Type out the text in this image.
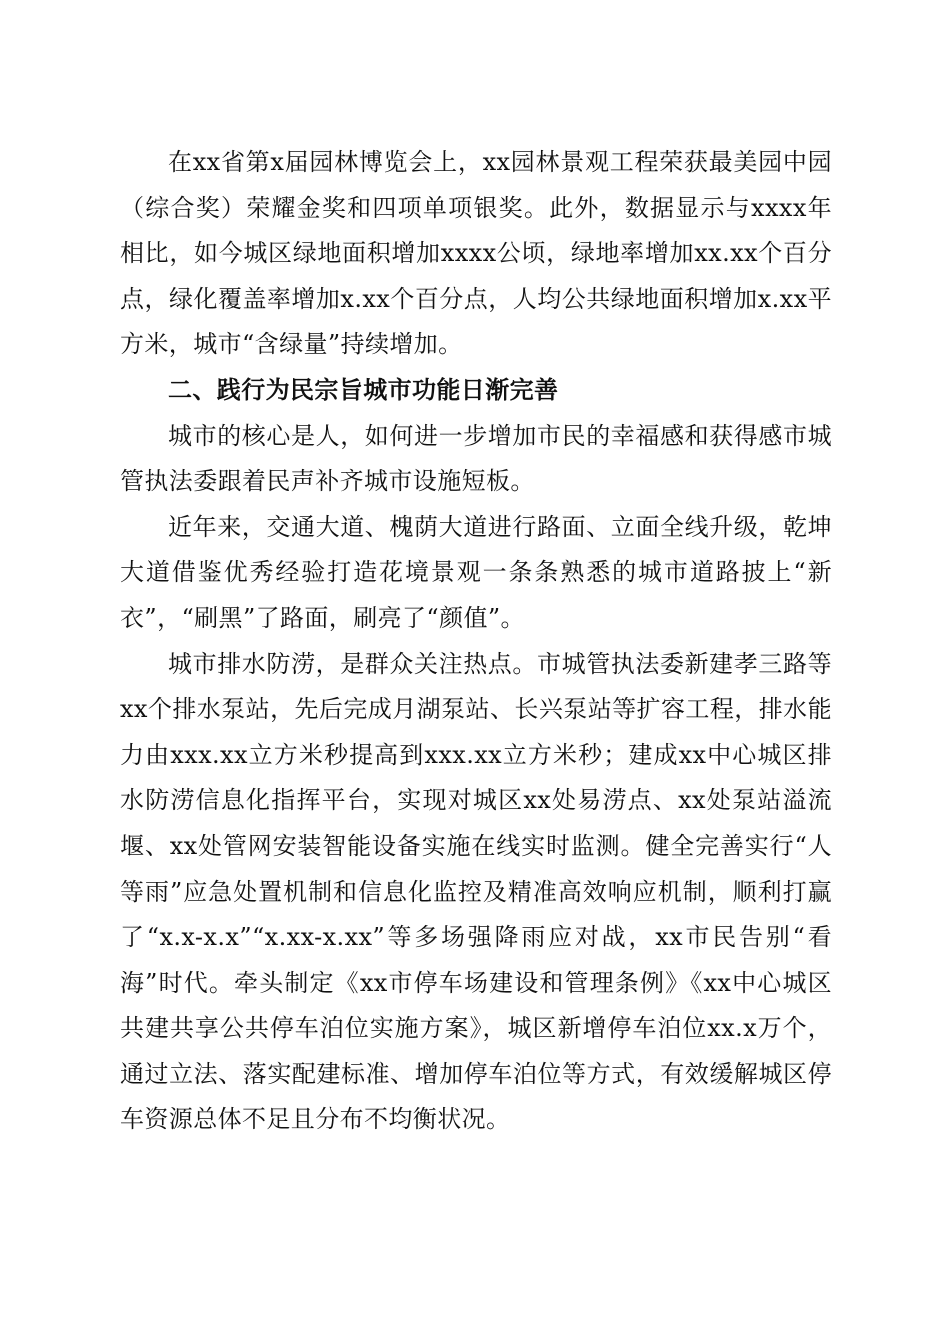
在xx省第x届园林博览会上，xx园林景观工程荣获最美园中园（综合奖）荣耀金奖和四项单项银奖。此外，数据显示与xxxx年相比，如今城区绿地面积增加xxxx公顷，绿地率增加xx.xx个百分点，绿化覆盖率增加x.xx个百分点，人均公共绿地面积增加x.xx平方米，城市“含绿量”持续增加。

二、践行为民宗旨城市功能日渐完善

城市的核心是人，如何进一步增加市民的幸福感和获得感市城管执法委跟着民声补齐城市设施短板。

近年来，交通大道、槐荫大道进行路面、立面全线升级，乾坤大道借鉴优秀经验打造花境景观一条条熟悉的城市道路披上“新衣”，“刷黑”了路面，刷亮了“颜值”。

城市排水防涝，是群众关注热点。市城管执法委新建孝三路等xx个排水泵站，先后完成月湖泵站、长兴泵站等扩容工程，排水能力由xxx.xx立方米秒提高到xxx.xx立方米秒；建成xx中心城区排水防涝信息化指挥平台，实现对城区xx处易涝点、xx处泵站溢流堰、xx处管网安装智能设备实施在线实时监测。健全完善实行“人等雨”应急处置机制和信息化监控及精准高效响应机制，顺利打赢了“x.x-x.x”“x.xx-x.xx”等多场强降雨应对战，xx市民告别“看海”时代。牵头制定《xx市停车场建设和管理条例》《xx中心城区共建共享公共停车泊位实施方案》，城区新增停车泊位xx.x万个，通过立法、落实配建标准、增加停车泊位等方式，有效缓解城区停车资源总体不足且分布不均衡状况。
